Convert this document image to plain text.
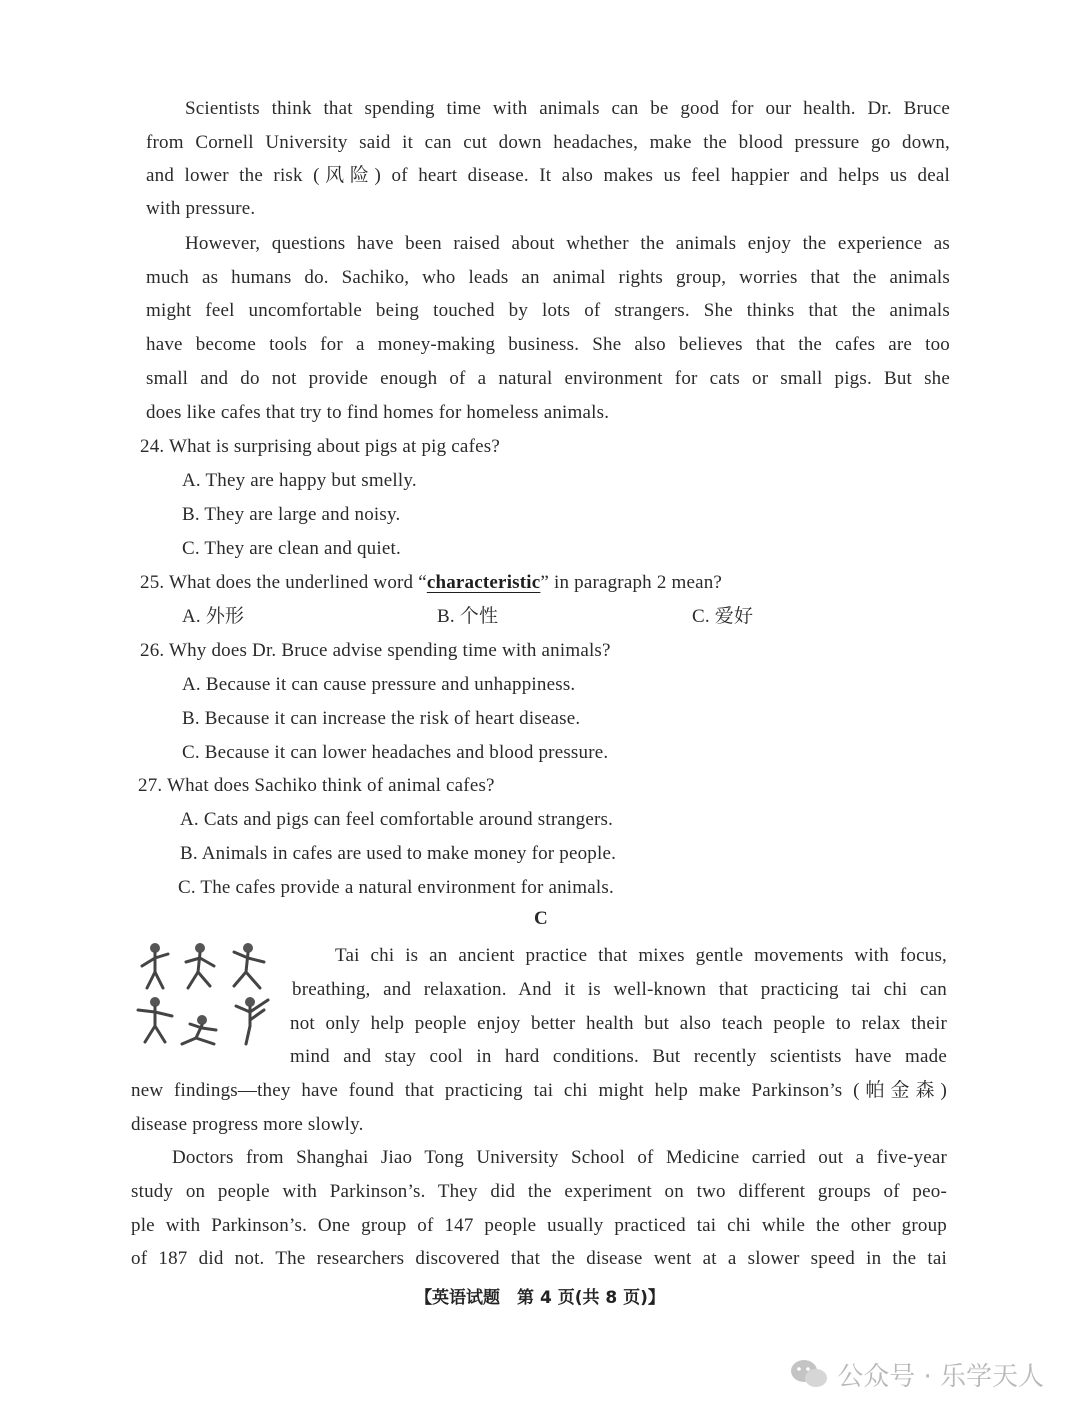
Scientists think that spending time with animals can be good for our health. Dr. Bruce
from Cornell University said it can cut down headaches, make the blood pressure go down,
and lower the risk (风险) of heart disease. It also makes us feel happier and helps us deal
with pressure.
However, questions have been raised about whether the animals enjoy the experience as
much as humans do. Sachiko, who leads an animal rights group, worries that the animals
might feel uncomfortable being touched by lots of strangers. She thinks that the animals
have become tools for a money-making business. She also believes that the cafes are too
small and do not provide enough of a natural environment for cats or small pigs. But she
does like cafes that try to find homes for homeless animals.
24. What is surprising about pigs at pig cafes?
A. They are happy but smelly.
B. They are large and noisy.
C. They are clean and quiet.
25. What does the underlined word “characteristic” in paragraph 2 mean?
A. 外形	B. 个性	C. 爱好
26. Why does Dr. Bruce advise spending time with animals?
A. Because it can cause pressure and unhappiness.
B. Because it can increase the risk of heart disease.
C. Because it can lower headaches and blood pressure.
27. What does Sachiko think of animal cafes?
A. Cats and pigs can feel comfortable around strangers.
B. Animals in cafes are used to make money for people.
C. The cafes provide a natural environment for animals.
C
Tai chi is an ancient practice that mixes gentle movements with focus,
breathing, and relaxation. And it is well-known that practicing tai chi can
not only help people enjoy better health but also teach people to relax their
mind and stay cool in hard conditions. But recently scientists have made
new findings—they have found that practicing tai chi might help make Parkinson’s (帕金森)
disease progress more slowly.
Doctors from Shanghai Jiao Tong University School of Medicine carried out a five-year
study on people with Parkinson’s. They did the experiment on two different groups of peo-
ple with Parkinson’s. One group of 147 people usually practiced tai chi while the other group
of 187 did not. The researchers discovered that the disease went at a slower speed in the tai
【英语试题　第 4 页(共 8 页)】
公众号 · 乐学天人
